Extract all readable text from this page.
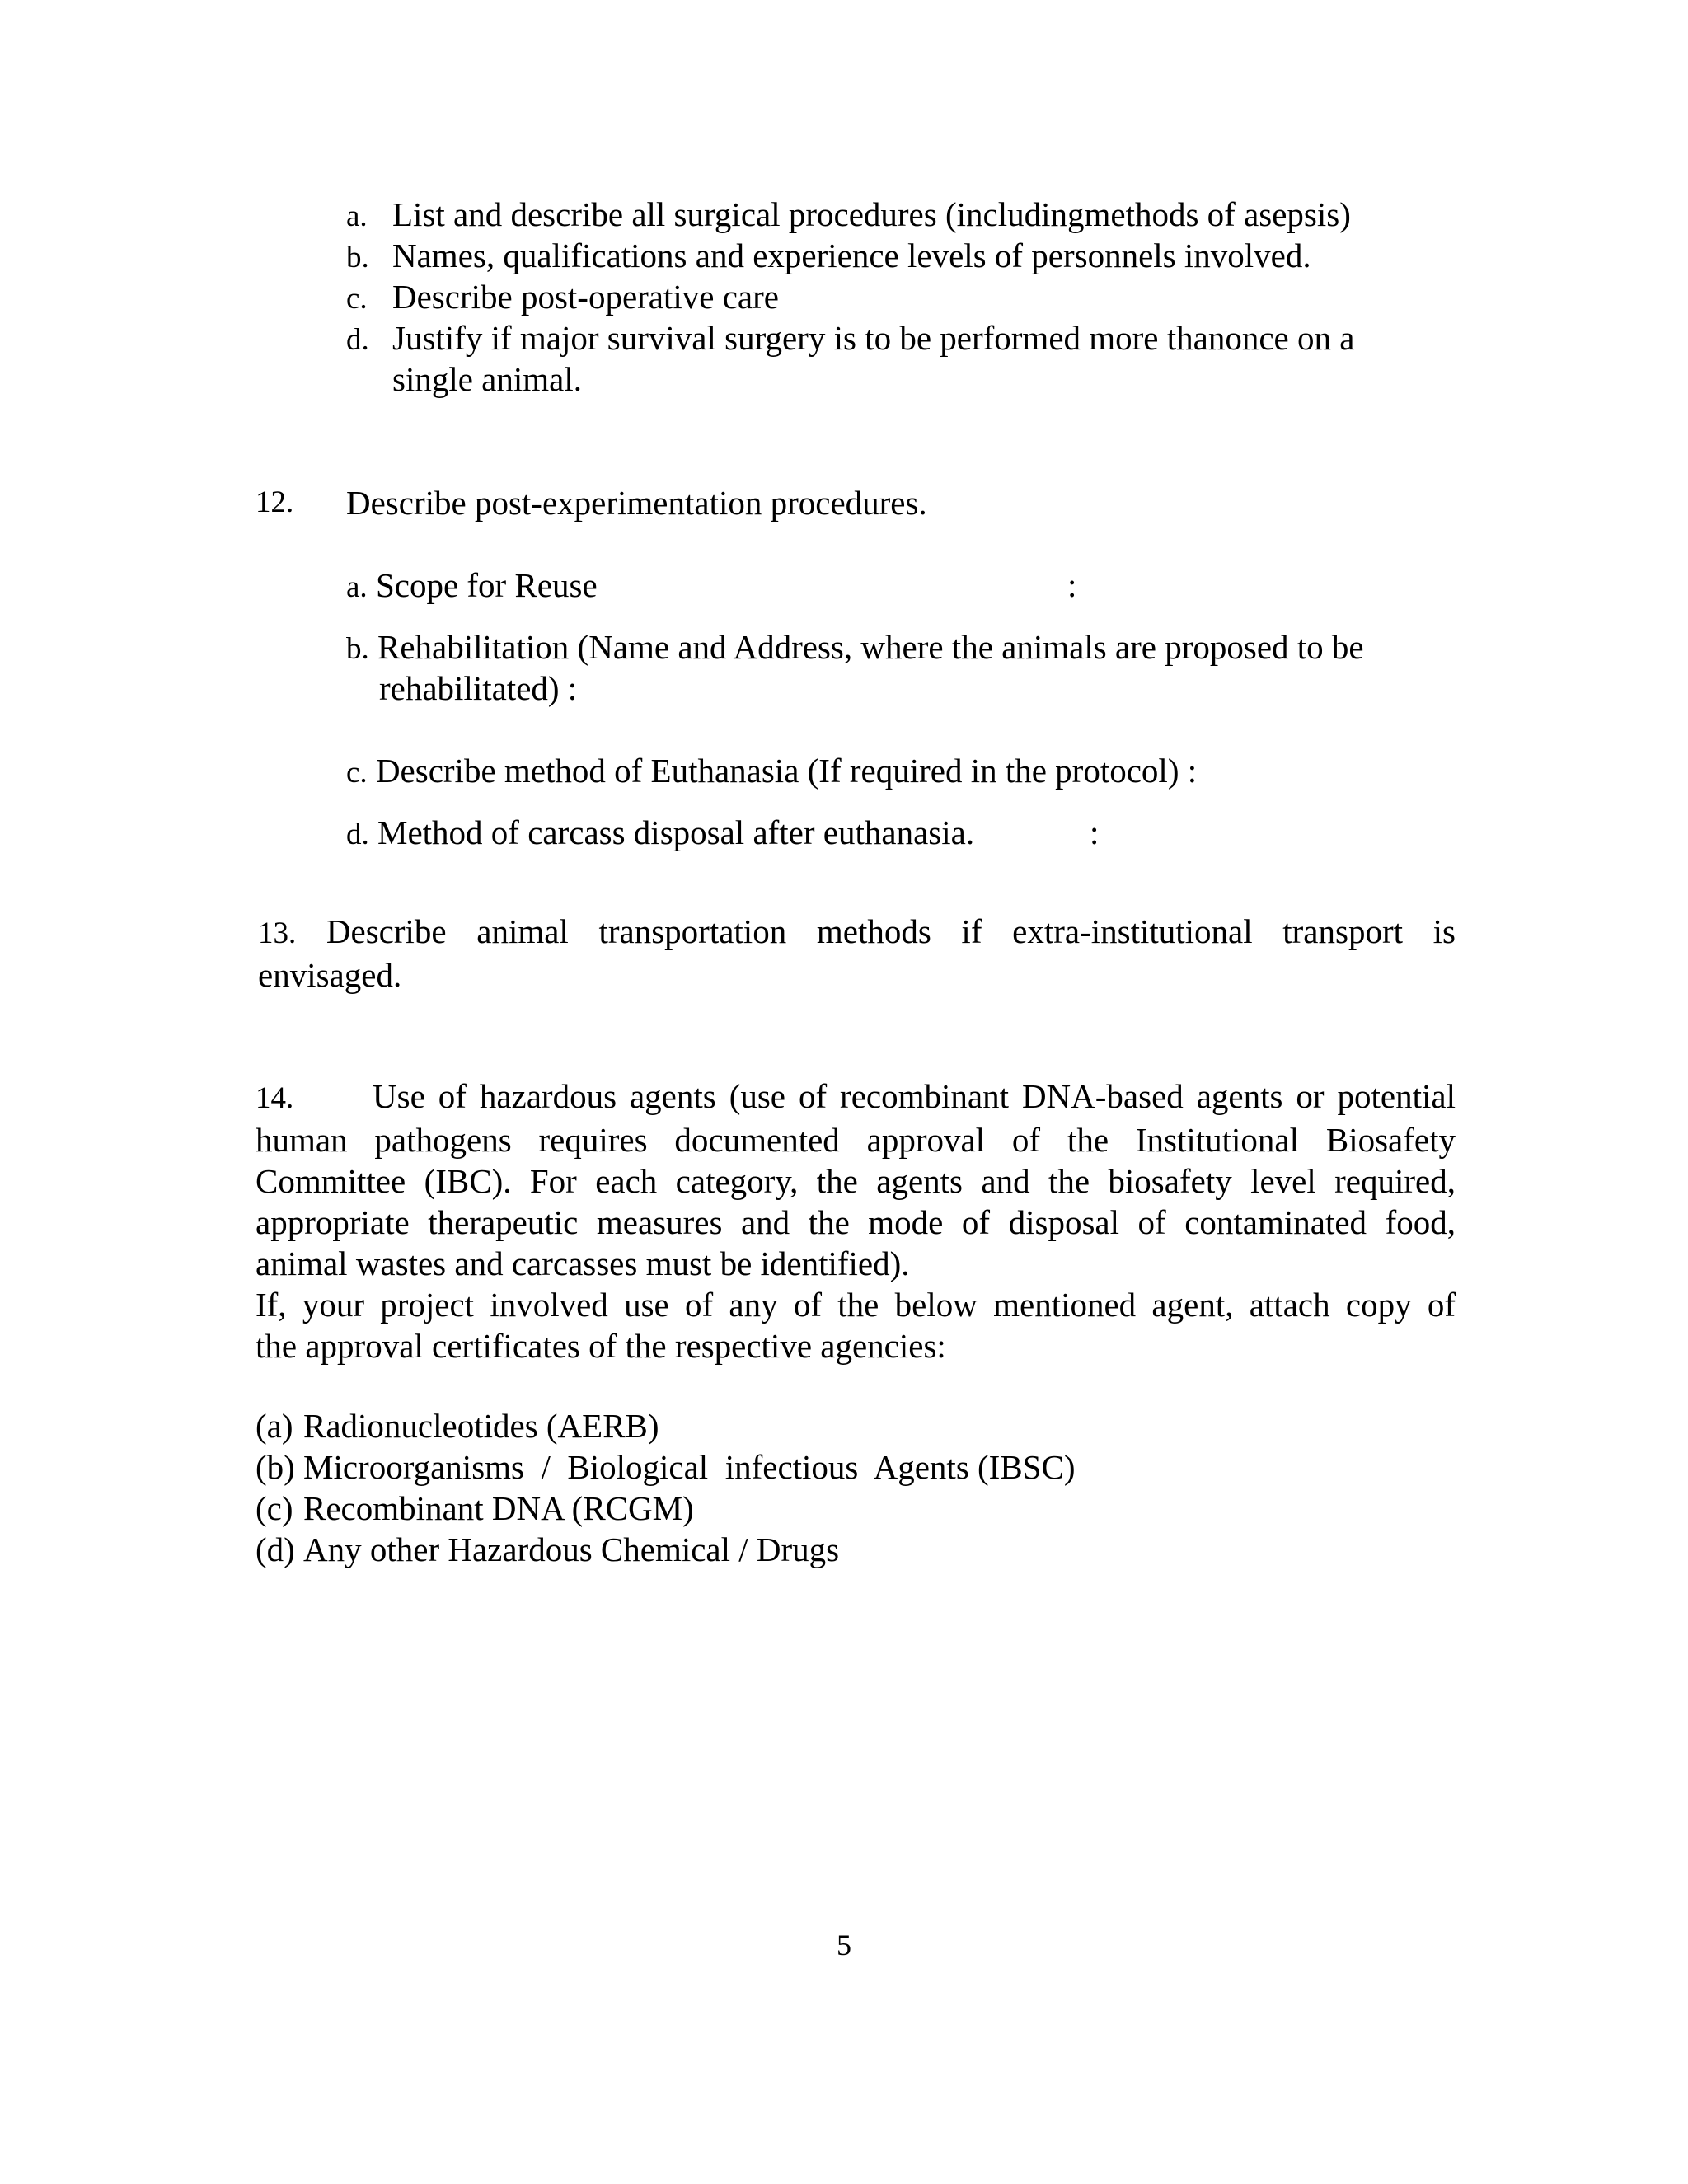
a. List and describe all surgical procedures (includingmethods of asepsis)
b. Names, qualifications and experience levels of personnels involved.
c. Describe post-operative care
d. Justify if major survival surgery is to be performed more thanonce on a
single animal.
12. Describe post-experimentation procedures.
a. Scope for Reuse	:
b. Rehabilitation (Name and Address, where the animals are proposed to be
rehabilitated) :
c. Describe method of Euthanasia (If required in the protocol) :
d. Method of carcass disposal after euthanasia.	:
13. Describe animal transportation methods if extra-institutional transport is
envisaged.
14. Use of hazardous agents (use of recombinant DNA-based agents or potential
human pathogens requires documented approval of the Institutional Biosafety
Committee (IBC). For each category, the agents and the biosafety level required,
appropriate therapeutic measures and the mode of disposal of contaminated food,
animal wastes and carcasses must be identified).
If, your project involved use of any of the below mentioned agent, attach copy of
the approval certificates of the respective agencies:
(a) Radionucleotides (AERB)
(b) Microorganisms  /  Biological  infectious  Agents (IBSC)
(c) Recombinant DNA (RCGM)
(d) Any other Hazardous Chemical / Drugs
5
